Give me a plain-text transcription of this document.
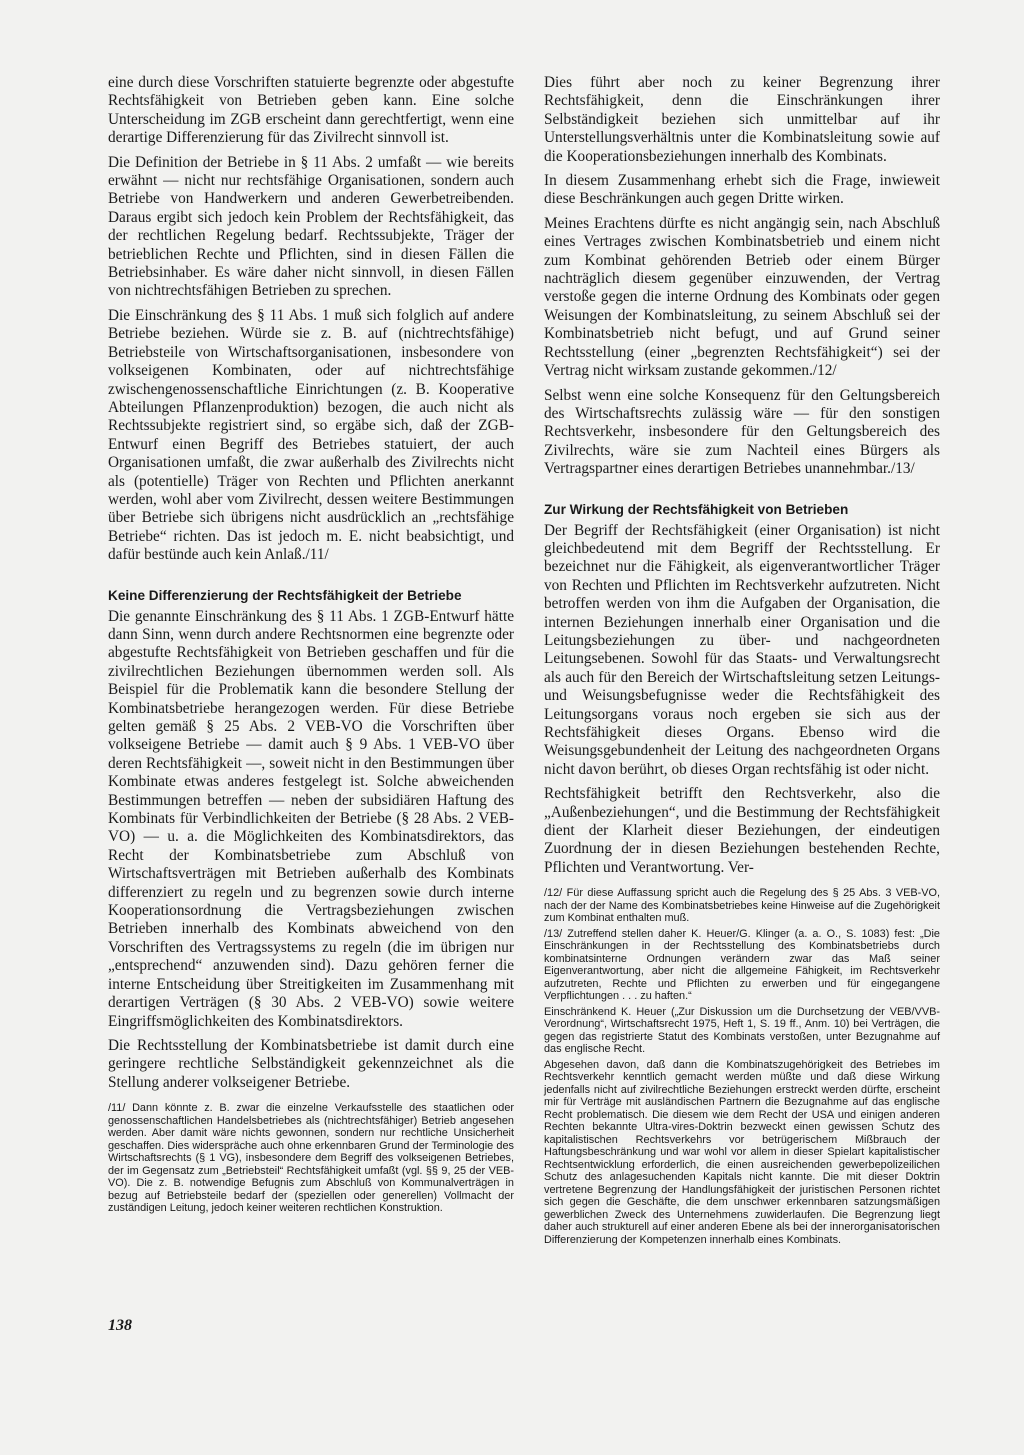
eine durch diese Vorschriften statuierte begrenzte oder abgestufte Rechtsfähigkeit von Betrieben geben kann. Eine solche Unterscheidung im ZGB erscheint dann gerechtfertigt, wenn eine derartige Differenzierung für das Zivilrecht sinnvoll ist.

Die Definition der Betriebe in § 11 Abs. 2 umfaßt — wie bereits erwähnt — nicht nur rechtsfähige Organisationen, sondern auch Betriebe von Handwerkern und anderen Gewerbetreibenden. Daraus ergibt sich jedoch kein Problem der Rechtsfähigkeit, das der rechtlichen Regelung bedarf. Rechtssubjekte, Träger der betrieblichen Rechte und Pflichten, sind in diesen Fällen die Betriebsinhaber. Es wäre daher nicht sinnvoll, in diesen Fällen von nichtrechtsfähigen Betrieben zu sprechen.

Die Einschränkung des § 11 Abs. 1 muß sich folglich auf andere Betriebe beziehen. Würde sie z. B. auf (nichtrechtsfähige) Betriebsteile von Wirtschaftsorganisationen, insbesondere von volkseigenen Kombinaten, oder auf nichtrechtsfähige zwischengenossenschaftliche Einrichtungen (z. B. Kooperative Abteilungen Pflanzenproduktion) bezogen, die auch nicht als Rechtssubjekte registriert sind, so ergäbe sich, daß der ZGB-Entwurf einen Begriff des Betriebes statuiert, der auch Organisationen umfaßt, die zwar außerhalb des Zivilrechts nicht als (potentielle) Träger von Rechten und Pflichten anerkannt werden, wohl aber vom Zivilrecht, dessen weitere Bestimmungen über Betriebe sich übrigens nicht ausdrücklich an „rechtsfähige Betriebe“ richten. Das ist jedoch m. E. nicht beabsichtigt, und dafür bestünde auch kein Anlaß./11/

Keine Differenzierung der Rechtsfähigkeit der Betriebe

Die genannte Einschränkung des § 11 Abs. 1 ZGB-Entwurf hätte dann Sinn, wenn durch andere Rechtsnormen eine begrenzte oder abgestufte Rechtsfähigkeit von Betrieben geschaffen und für die zivilrechtlichen Beziehungen übernommen werden soll. Als Beispiel für die Problematik kann die besondere Stellung der Kombinatsbetriebe herangezogen werden. Für diese Betriebe gelten gemäß § 25 Abs. 2 VEB-VO die Vorschriften über volkseigene Betriebe — damit auch § 9 Abs. 1 VEB-VO über deren Rechtsfähigkeit —, soweit nicht in den Bestimmungen über Kombinate etwas anderes festgelegt ist. Solche abweichenden Bestimmungen betreffen — neben der subsidiären Haftung des Kombinats für Verbindlichkeiten der Betriebe (§ 28 Abs. 2 VEB-VO) — u. a. die Möglichkeiten des Kombinatsdirektors, das Recht der Kombinatsbetriebe zum Abschluß von Wirtschaftsverträgen mit Betrieben außerhalb des Kombinats differenziert zu regeln und zu begrenzen sowie durch interne Kooperationsordnung die Vertragsbeziehungen zwischen Betrieben innerhalb des Kombinats abweichend von den Vorschriften des Vertragssystems zu regeln (die im übrigen nur „entsprechend“ anzuwenden sind). Dazu gehören ferner die interne Entscheidung über Streitigkeiten im Zusammenhang mit derartigen Verträgen (§ 30 Abs. 2 VEB-VO) sowie weitere Eingriffsmöglichkeiten des Kombinatsdirektors.

Die Rechtsstellung der Kombinatsbetriebe ist damit durch eine geringere rechtliche Selbständigkeit gekennzeichnet als die Stellung anderer volkseigener Betriebe.

/11/ Dann könnte z. B. zwar die einzelne Verkaufsstelle des staatlichen oder genossenschaftlichen Handelsbetriebes als (nichtrechtsfähiger) Betrieb angesehen werden. Aber damit wäre nichts gewonnen, sondern nur rechtliche Unsicherheit geschaffen. Dies widerspräche auch ohne erkennbaren Grund der Terminologie des Wirtschaftsrechts (§ 1 VG), insbesondere dem Begriff des volkseigenen Betriebes, der im Gegensatz zum „Betriebsteil“ Rechtsfähigkeit umfaßt (vgl. §§ 9, 25 der VEB-VO). Die z. B. notwendige Befugnis zum Abschluß von Kommunalverträgen in bezug auf Betriebsteile bedarf der (speziellen oder generellen) Vollmacht der zuständigen Leitung, jedoch keiner weiteren rechtlichen Konstruktion.

Dies führt aber noch zu keiner Begrenzung ihrer Rechtsfähigkeit, denn die Einschränkungen ihrer Selbständigkeit beziehen sich unmittelbar auf ihr Unterstellungsverhältnis unter die Kombinatsleitung sowie auf die Kooperationsbeziehungen innerhalb des Kombinats.

In diesem Zusammenhang erhebt sich die Frage, inwieweit diese Beschränkungen auch gegen Dritte wirken.

Meines Erachtens dürfte es nicht angängig sein, nach Abschluß eines Vertrages zwischen Kombinatsbetrieb und einem nicht zum Kombinat gehörenden Betrieb oder einem Bürger nachträglich diesem gegenüber einzuwenden, der Vertrag verstoße gegen die interne Ordnung des Kombinats oder gegen Weisungen der Kombinatsleitung, zu seinem Abschluß sei der Kombinatsbetrieb nicht befugt, und auf Grund seiner Rechtsstellung (einer „begrenzten Rechtsfähigkeit“) sei der Vertrag nicht wirksam zustande gekommen./12/

Selbst wenn eine solche Konsequenz für den Geltungsbereich des Wirtschaftsrechts zulässig wäre — für den sonstigen Rechtsverkehr, insbesondere für den Geltungsbereich des Zivilrechts, wäre sie zum Nachteil eines Bürgers als Vertragspartner eines derartigen Betriebes unannehmbar./13/

Zur Wirkung der Rechtsfähigkeit von Betrieben

Der Begriff der Rechtsfähigkeit (einer Organisation) ist nicht gleichbedeutend mit dem Begriff der Rechtsstellung. Er bezeichnet nur die Fähigkeit, als eigenverantwortlicher Träger von Rechten und Pflichten im Rechtsverkehr aufzutreten. Nicht betroffen werden von ihm die Aufgaben der Organisation, die internen Beziehungen innerhalb einer Organisation und die Leitungsbeziehungen zu über- und nachgeordneten Leitungsebenen. Sowohl für das Staats- und Verwaltungsrecht als auch für den Bereich der Wirtschaftsleitung setzen Leitungs- und Weisungsbefugnisse weder die Rechtsfähigkeit des Leitungsorgans voraus noch ergeben sie sich aus der Rechtsfähigkeit dieses Organs. Ebenso wird die Weisungsgebundenheit der Leitung des nachgeordneten Organs nicht davon berührt, ob dieses Organ rechtsfähig ist oder nicht.

Rechtsfähigkeit betrifft den Rechtsverkehr, also die „Außenbeziehungen“, und die Bestimmung der Rechtsfähigkeit dient der Klarheit dieser Beziehungen, der eindeutigen Zuordnung der in diesen Beziehungen bestehenden Rechte, Pflichten und Verantwortung. Ver-

/12/ Für diese Auffassung spricht auch die Regelung des § 25 Abs. 3 VEB-VO, nach der der Name des Kombinatsbetriebes keine Hinweise auf die Zugehörigkeit zum Kombinat enthalten muß.

/13/ Zutreffend stellen daher K. Heuer/G. Klinger (a. a. O., S. 1083) fest: „Die Einschränkungen in der Rechtsstellung des Kombinatsbetriebs durch kombinatsinterne Ordnungen verändern zwar das Maß seiner Eigenverantwortung, aber nicht die allgemeine Fähigkeit, im Rechtsverkehr aufzutreten, Rechte und Pflichten zu erwerben und für eingegangene Verpflichtungen . . . zu haften.“

Einschränkend K. Heuer („Zur Diskussion um die Durchsetzung der VEB/VVB-Verordnung“, Wirtschaftsrecht 1975, Heft 1, S. 19 ff., Anm. 10) bei Verträgen, die gegen das registrierte Statut des Kombinats verstoßen, unter Bezugnahme auf das englische Recht.

Abgesehen davon, daß dann die Kombinatszugehörigkeit des Betriebes im Rechtsverkehr kenntlich gemacht werden müßte und daß diese Wirkung jedenfalls nicht auf zivilrechtliche Beziehungen erstreckt werden dürfte, erscheint mir für Verträge mit ausländischen Partnern die Bezugnahme auf das englische Recht problematisch. Die diesem wie dem Recht der USA und einigen anderen Rechten bekannte Ultra-vires-Doktrin bezweckt einen gewissen Schutz des kapitalistischen Rechtsverkehrs vor betrügerischem Mißbrauch der Haftungsbeschränkung und war wohl vor allem in dieser Spielart kapitalistischer Rechtsentwicklung erforderlich, die einen ausreichenden gewerbepolizeilichen Schutz des anlagesuchenden Kapitals nicht kannte. Die mit dieser Doktrin vertretene Begrenzung der Handlungsfähigkeit der juristischen Personen richtet sich gegen die Geschäfte, die dem unschwer erkennbaren satzungsmäßigen gewerblichen Zweck des Unternehmens zuwiderlaufen. Die Begrenzung liegt daher auch strukturell auf einer anderen Ebene als bei der innerorganisatorischen Differenzierung der Kompetenzen innerhalb eines Kombinats.

138
